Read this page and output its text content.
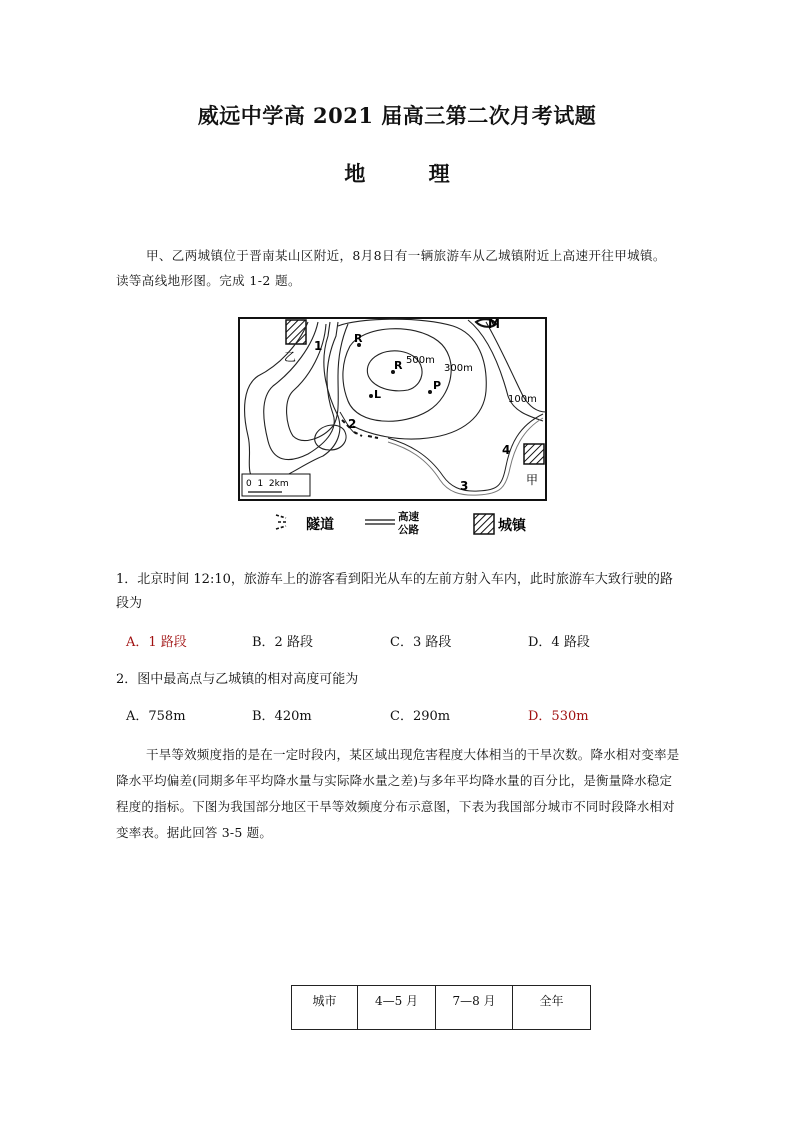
威远中学高 2021 届高三第二次月考试题
地 理
甲、乙两城镇位于晋南某山区附近，8月8日有一辆旅游车从乙城镇附近上高速开往甲城镇。读等高线地形图。完成 1-2 题。
乙
甲
R
R
L
P
M
500m
300m
100m
1
2
3
4
0  1  2km
隧道	高速
公路	城镇
1．北京时间 12:10，旅游车上的游客看到阳光从车的左前方射入车内，此时旅游车大致行驶的路段为
A．1 路段	B．2 路段	C．3 路段	D．4 路段
2．图中最高点与乙城镇的相对高度可能为
A．758m	B．420m	C．290m	D．530m
干旱等效频度指的是在一定时段内，某区域出现危害程度大体相当的干旱次数。降水相对变率是降水平均偏差(同期多年平均降水量与实际降水量之差)与多年平均降水量的百分比，是衡量降水稳定程度的指标。下图为我国部分地区干旱等效频度分布示意图，下表为我国部分城市不同时段降水相对变率表。据此回答 3-5 题。
城市	4—5 月	7—8 月	全年
